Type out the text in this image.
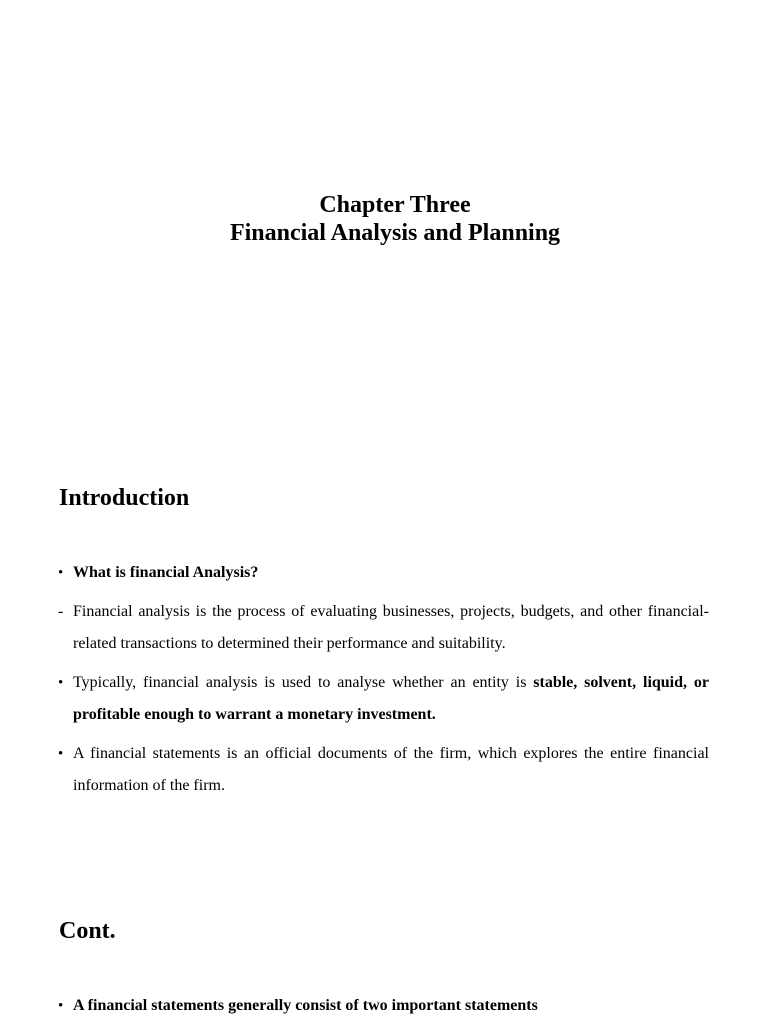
Chapter Three
Financial Analysis and Planning
Introduction
• What is financial Analysis?
- Financial analysis is the process of evaluating businesses, projects, budgets, and other financial-related transactions to determined their performance and suitability.
• Typically, financial analysis is used to analyse whether an entity is stable, solvent, liquid, or profitable enough to warrant a monetary investment.
• A financial statements is an official documents of the firm, which explores the entire financial information of the firm.
Cont.
• A financial statements generally consist of two important statements
